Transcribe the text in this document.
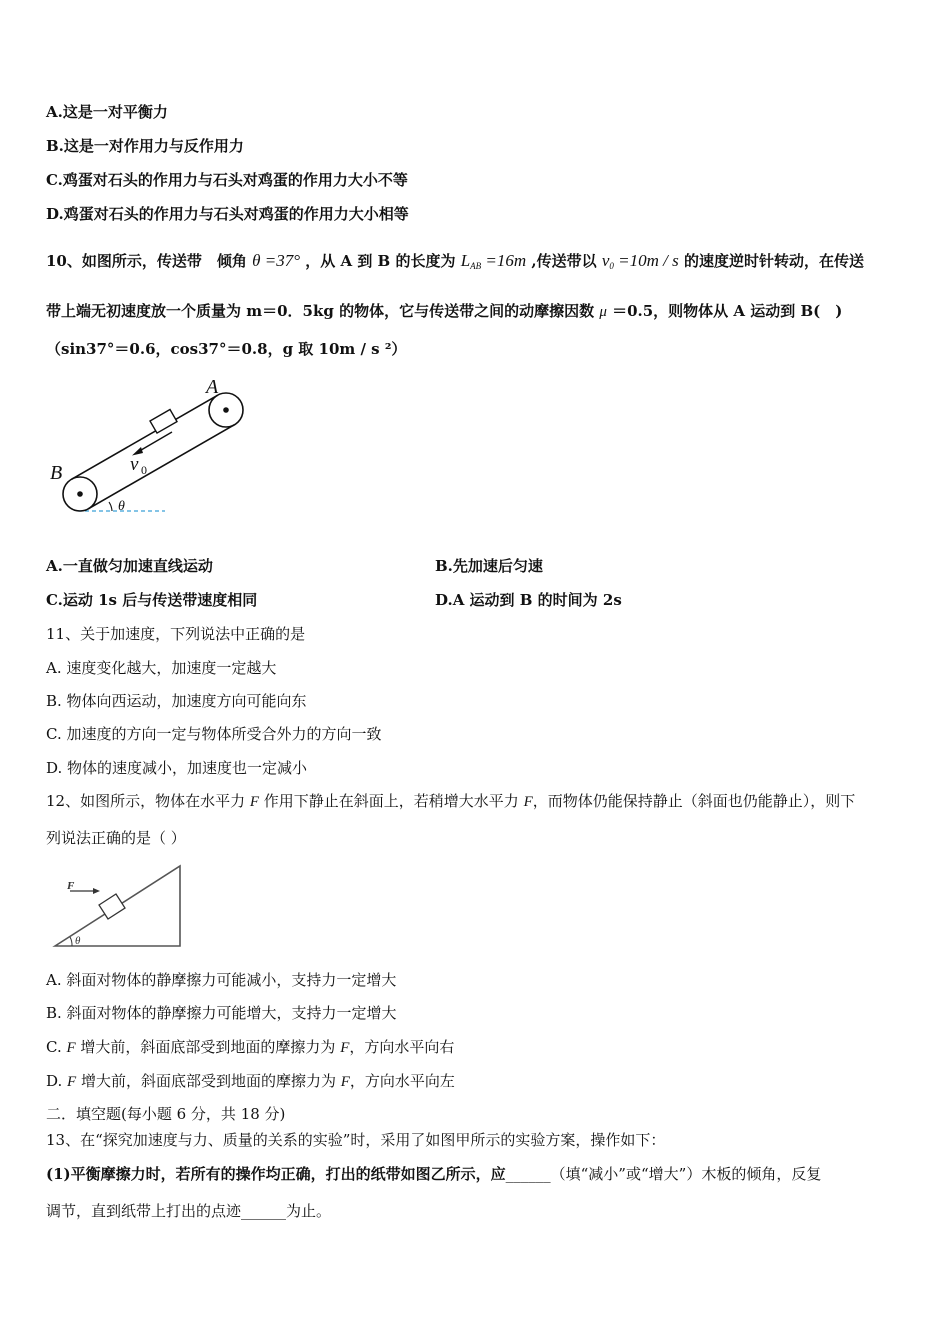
A.这是一对平衡力
B.这是一对作用力与反作用力
C.鸡蛋对石头的作用力与石头对鸡蛋的作用力大小不等
D.鸡蛋对石头的作用力与石头对鸡蛋的作用力大小相等
10、如图所示，传送带　倾角 θ =37° ，从 A 到 B 的长度为 $L_{AB} =16m$ ,传送带以 $v_0 =10m / s$ 的速度逆时针转动，在传送
带上端无初速度放一个质量为 m＝0．5kg 的物体，它与传送带之间的动摩擦因数 μ ＝0.5，则物体从 A 运动到 B(　)
（sin37°＝0.6，cos37°＝0.8，g 取 10m / s ²）
A
B	v 0
θ
A.一直做匀加速直线运动	B.先加速后匀速
C.运动 1s 后与传送带速度相同	D.A 运动到 B 的时间为 2s
11、关于加速度，下列说法中正确的是
A. 速度变化越大，加速度一定越大
B. 物体向西运动，加速度方向可能向东
C. 加速度的方向一定与物体所受合外力的方向一致
D. 物体的速度减小，加速度也一定减小
12、如图所示，物体在水平力 F 作用下静止在斜面上，若稍增大水平力 F，而物体仍能保持静止（斜面也仍能静止），则下
列说法正确的是（ ）
F
θ
A. 斜面对物体的静摩擦力可能减小，支持力一定增大
B. 斜面对物体的静摩擦力可能增大，支持力一定增大
C. F 增大前，斜面底部受到地面的摩擦力为 F，方向水平向右
D. F 增大前，斜面底部受到地面的摩擦力为 F，方向水平向左
二．填空题(每小题 6 分，共 18 分)
13、在“探究加速度与力、质量的关系的实验”时，采用了如图甲所示的实验方案，操作如下：
(1)平衡摩擦力时，若所有的操作均正确，打出的纸带如图乙所示，应______（填“减小”或“增大”）木板的倾角，反复
调节，直到纸带上打出的点迹______为止。
